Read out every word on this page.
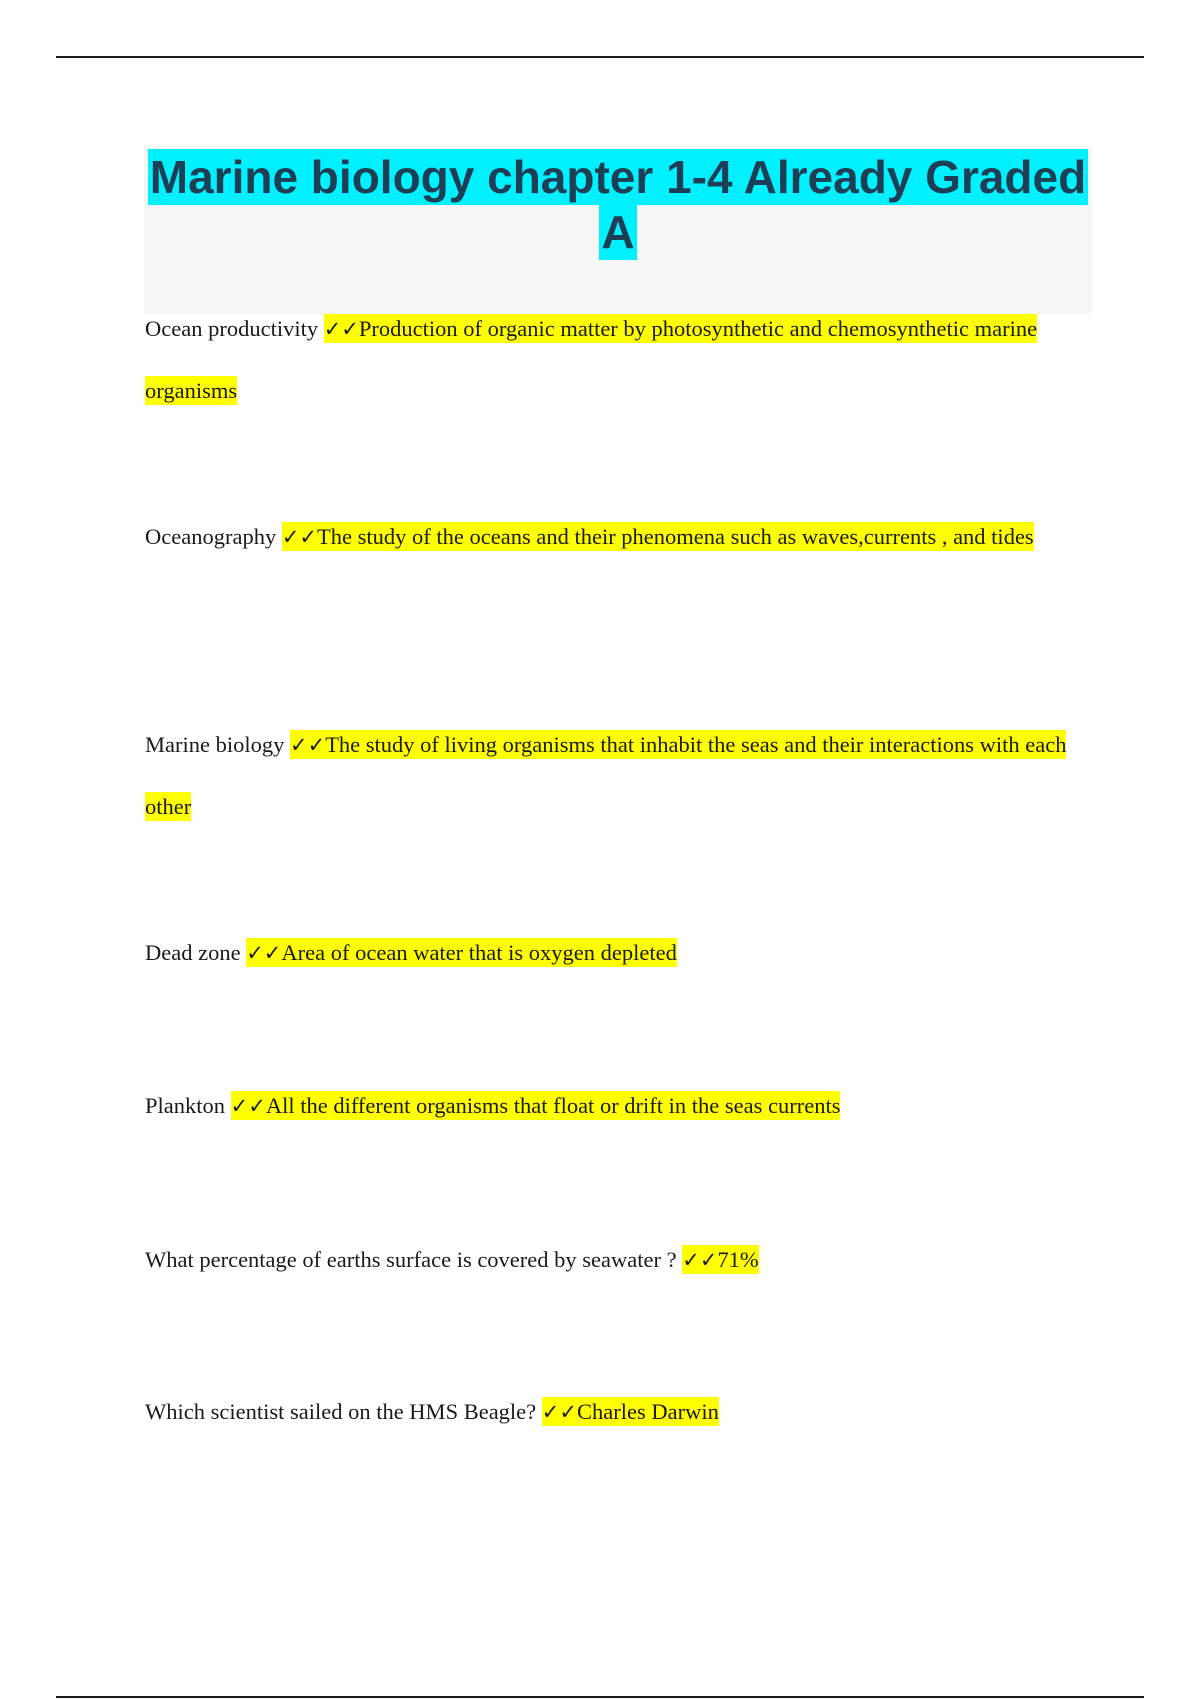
Marine biology chapter 1-4 Already Graded A

Ocean productivity ✓✓Production of organic matter by photosynthetic and chemosynthetic marine organisms

Oceanography ✓✓The study of the oceans and their phenomena such as waves,currents , and tides

Marine biology ✓✓The study of living organisms that inhabit the seas and their interactions with each other

Dead zone ✓✓Area of ocean water that is oxygen depleted

Plankton ✓✓All the different organisms that float or drift in the seas currents

What percentage of earths surface is covered by seawater ? ✓✓71%

Which scientist sailed on the HMS Beagle? ✓✓Charles Darwin
